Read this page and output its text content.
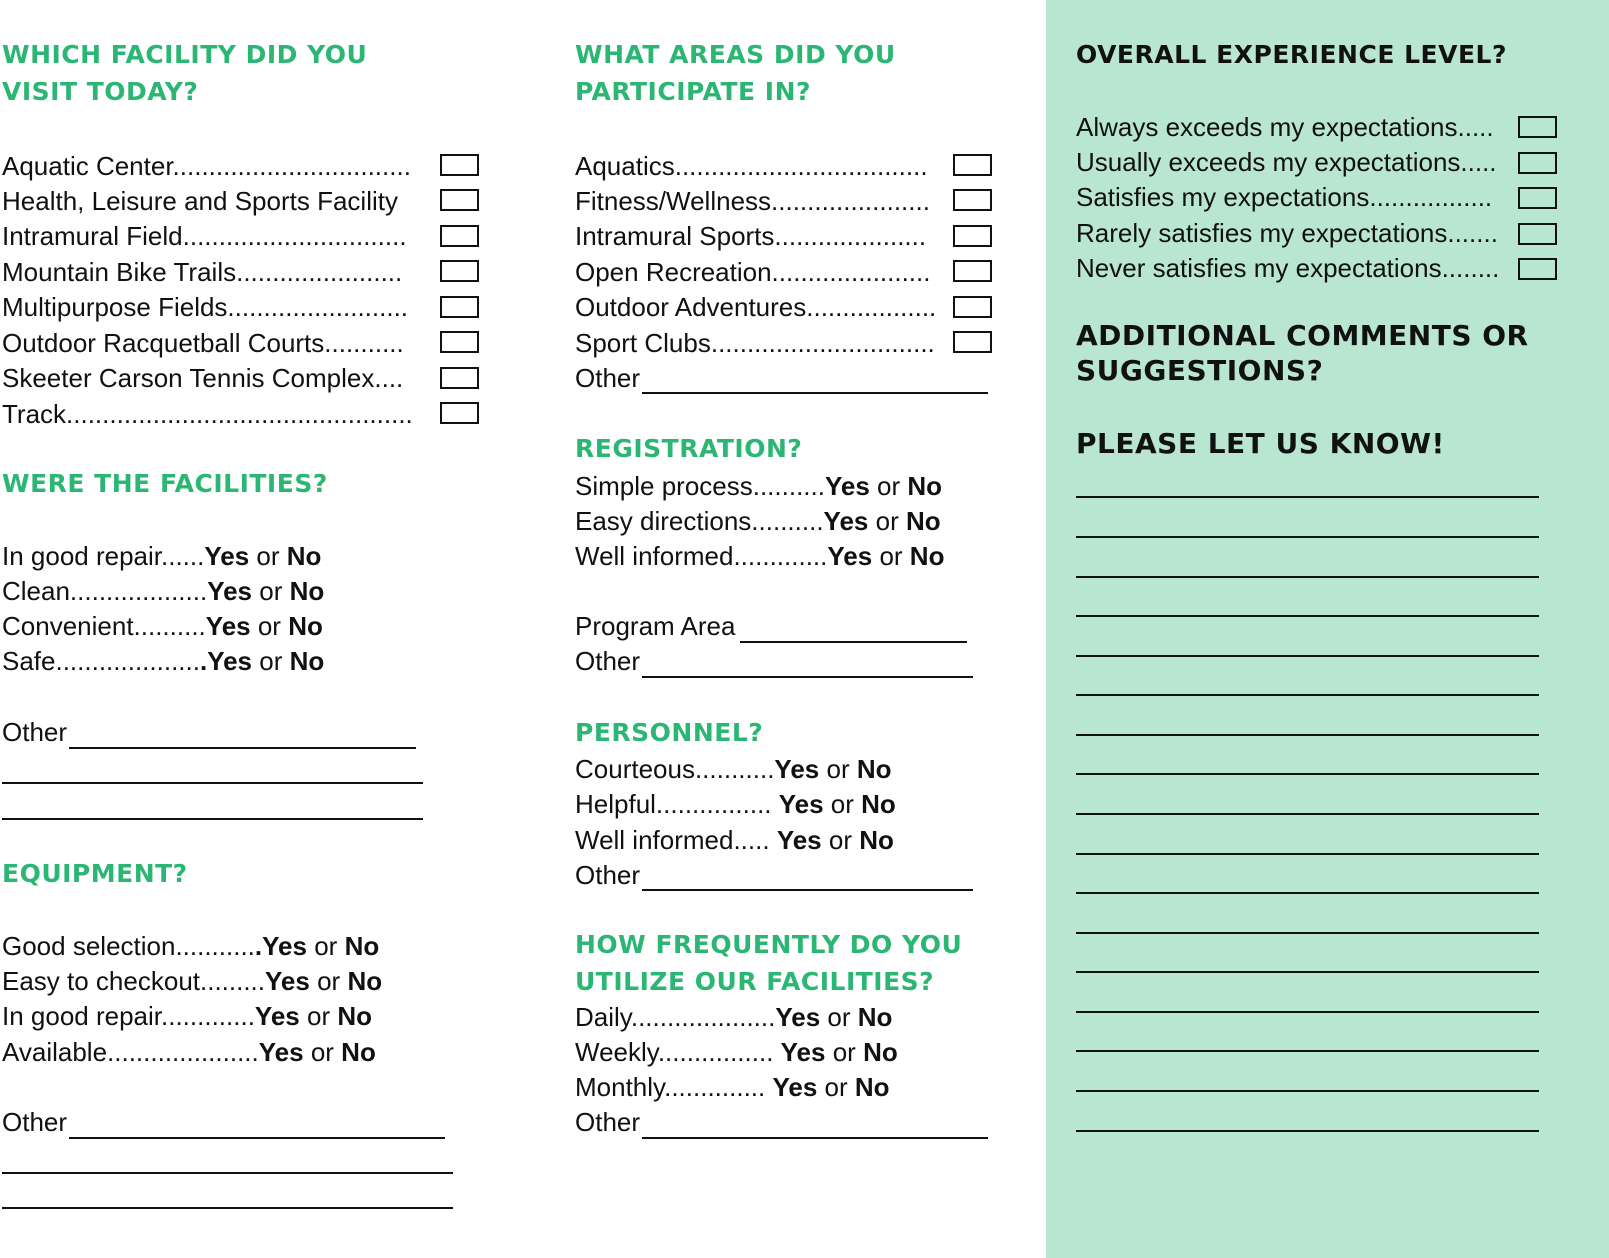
WHICH FACILITY DID YOU
VISIT TODAY?
Aquatic Center.................................
Health, Leisure and Sports Facility
Intramural Field...............................
Mountain Bike Trails.......................
Multipurpose Fields.........................
Outdoor Racquetball Courts...........
Skeeter Carson Tennis Complex....
Track................................................
WERE THE FACILITIES?
In good repair......Yes or No
Clean...................Yes or No
Convenient..........Yes or No
Safe.....................Yes or No
Other
EQUIPMENT?
Good selection............Yes or No
Easy to checkout.........Yes or No
In good repair.............Yes or No
Available.....................Yes or No
Other
WHAT AREAS DID YOU
PARTICIPATE IN?
Aquatics...................................
Fitness/Wellness......................
Intramural Sports.....................
Open Recreation......................
Outdoor Adventures..................
Sport Clubs...............................
Other
REGISTRATION?
Simple process..........Yes or No
Easy directions..........Yes or No
Well informed.............Yes or No
Program Area
Other
PERSONNEL?
Courteous...........Yes or No
Helpful................ Yes or No
Well informed..... Yes or No
Other
HOW FREQUENTLY DO YOU
UTILIZE OUR FACILITIES?
Daily....................Yes or No
Weekly................ Yes or No
Monthly.............. Yes or No
Other
OVERALL EXPERIENCE LEVEL?
Always exceeds my expectations.....
Usually exceeds my expectations.....
Satisfies my expectations.................
Rarely satisfies my expectations.......
Never satisfies my expectations........
ADDITIONAL COMMENTS OR
SUGGESTIONS?
PLEASE LET US KNOW!
